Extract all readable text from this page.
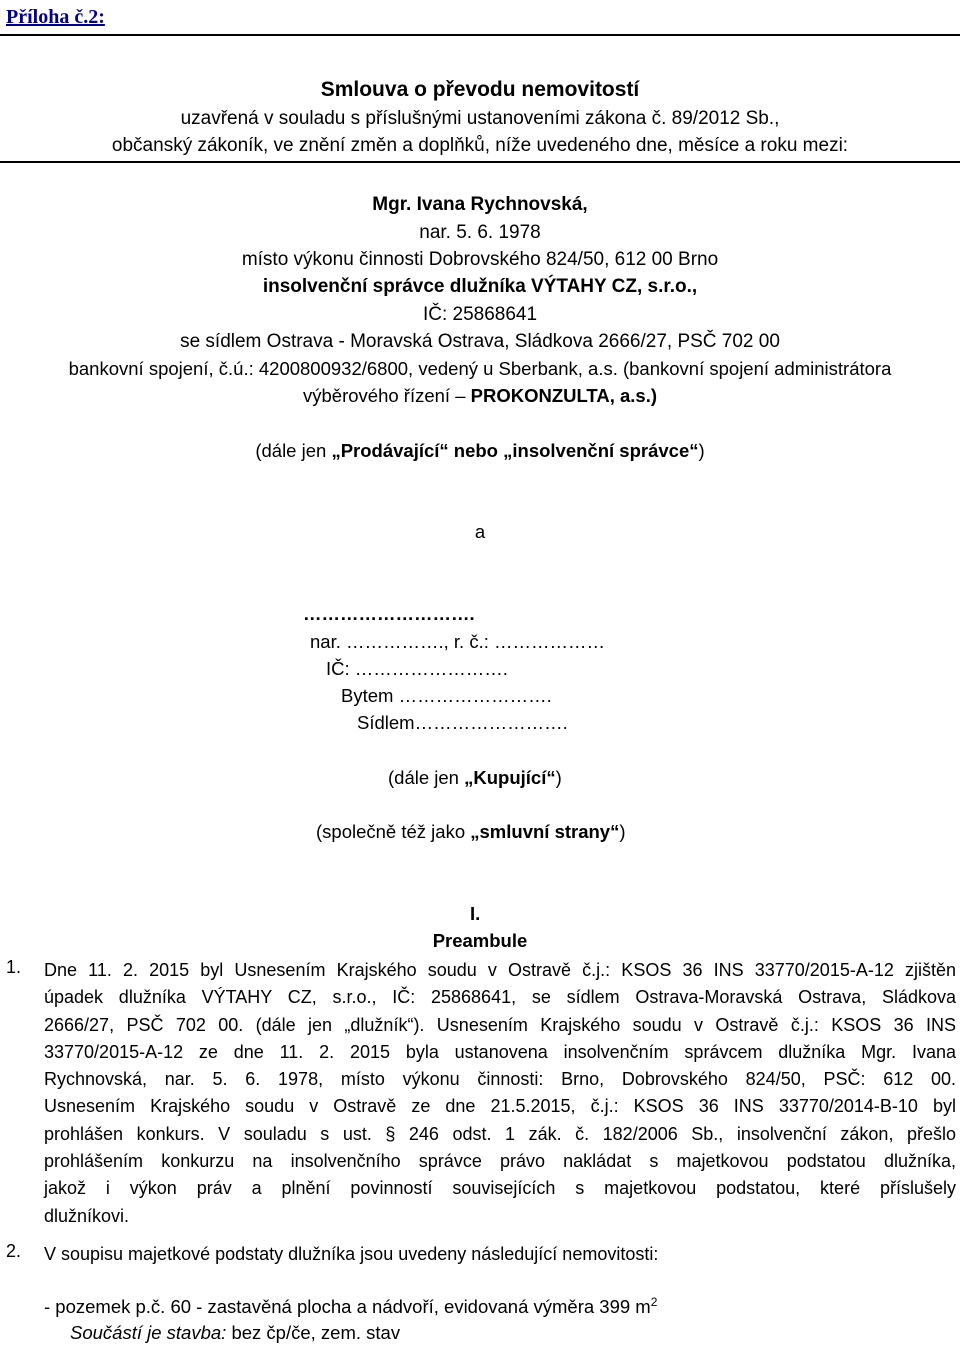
Příloha č.2:
Smlouva o převodu nemovitostí
uzavřená v souladu s příslušnými ustanoveními zákona č. 89/2012 Sb.,
občanský zákoník, ve znění změn a doplňků, níže uvedeného dne, měsíce a roku mezi:
Mgr. Ivana Rychnovská,
nar. 5. 6. 1978
místo výkonu činnosti Dobrovského 824/50, 612 00 Brno
insolvenční správce dlužníka VÝTAHY CZ, s.r.o.,
IČ: 25868641
se sídlem Ostrava - Moravská Ostrava, Sládkova 2666/27, PSČ 702 00
bankovní spojení, č.ú.: 4200800932/6800, vedený u Sberbank, a.s. (bankovní spojení administrátora
výběrového řízení – PROKONZULTA, a.s.)
(dále jen „Prodávající“ nebo „insolvenční správce“)
a
……………………….
nar. ……………., r. č.: ………………
IČ: …………………….
Bytem …………………….
Sídlem…………………….
(dále jen „Kupující“)
(společně též jako „smluvní strany“)
I.
Preambule
1. Dne 11. 2. 2015 byl Usnesením Krajského soudu v Ostravě č.j.: KSOS 36 INS 33770/2015-A-12 zjištěn
úpadek dlužníka VÝTAHY CZ, s.r.o., IČ: 25868641, se sídlem Ostrava-Moravská Ostrava, Sládkova
2666/27, PSČ 702 00. (dále jen „dlužník“). Usnesením Krajského soudu v Ostravě č.j.: KSOS 36 INS
33770/2015-A-12 ze dne 11. 2. 2015 byla ustanovena insolvenčním správcem dlužníka Mgr. Ivana
Rychnovská, nar. 5. 6. 1978, místo výkonu činnosti: Brno, Dobrovského 824/50, PSČ: 612 00.
Usnesením Krajského soudu v Ostravě ze dne 21.5.2015, č.j.: KSOS 36 INS 33770/2014-B-10 byl
prohlášen konkurs. V souladu s ust. § 246 odst. 1 zák. č. 182/2006 Sb., insolvenční zákon, přešlo
prohlášením konkurzu na insolvenčního správce právo nakládat s majetkovou podstatou dlužníka,
jakož i výkon práv a plnění povinností souvisejících s majetkovou podstatou, které příslušely
dlužníkovi.
2. V soupisu majetkové podstaty dlužníka jsou uvedeny následující nemovitosti:
- pozemek p.č. 60 - zastavěná plocha a nádvoří, evidovaná výměra 399 $m^2$
Součástí je stavba: bez čp/če, zem. stav
